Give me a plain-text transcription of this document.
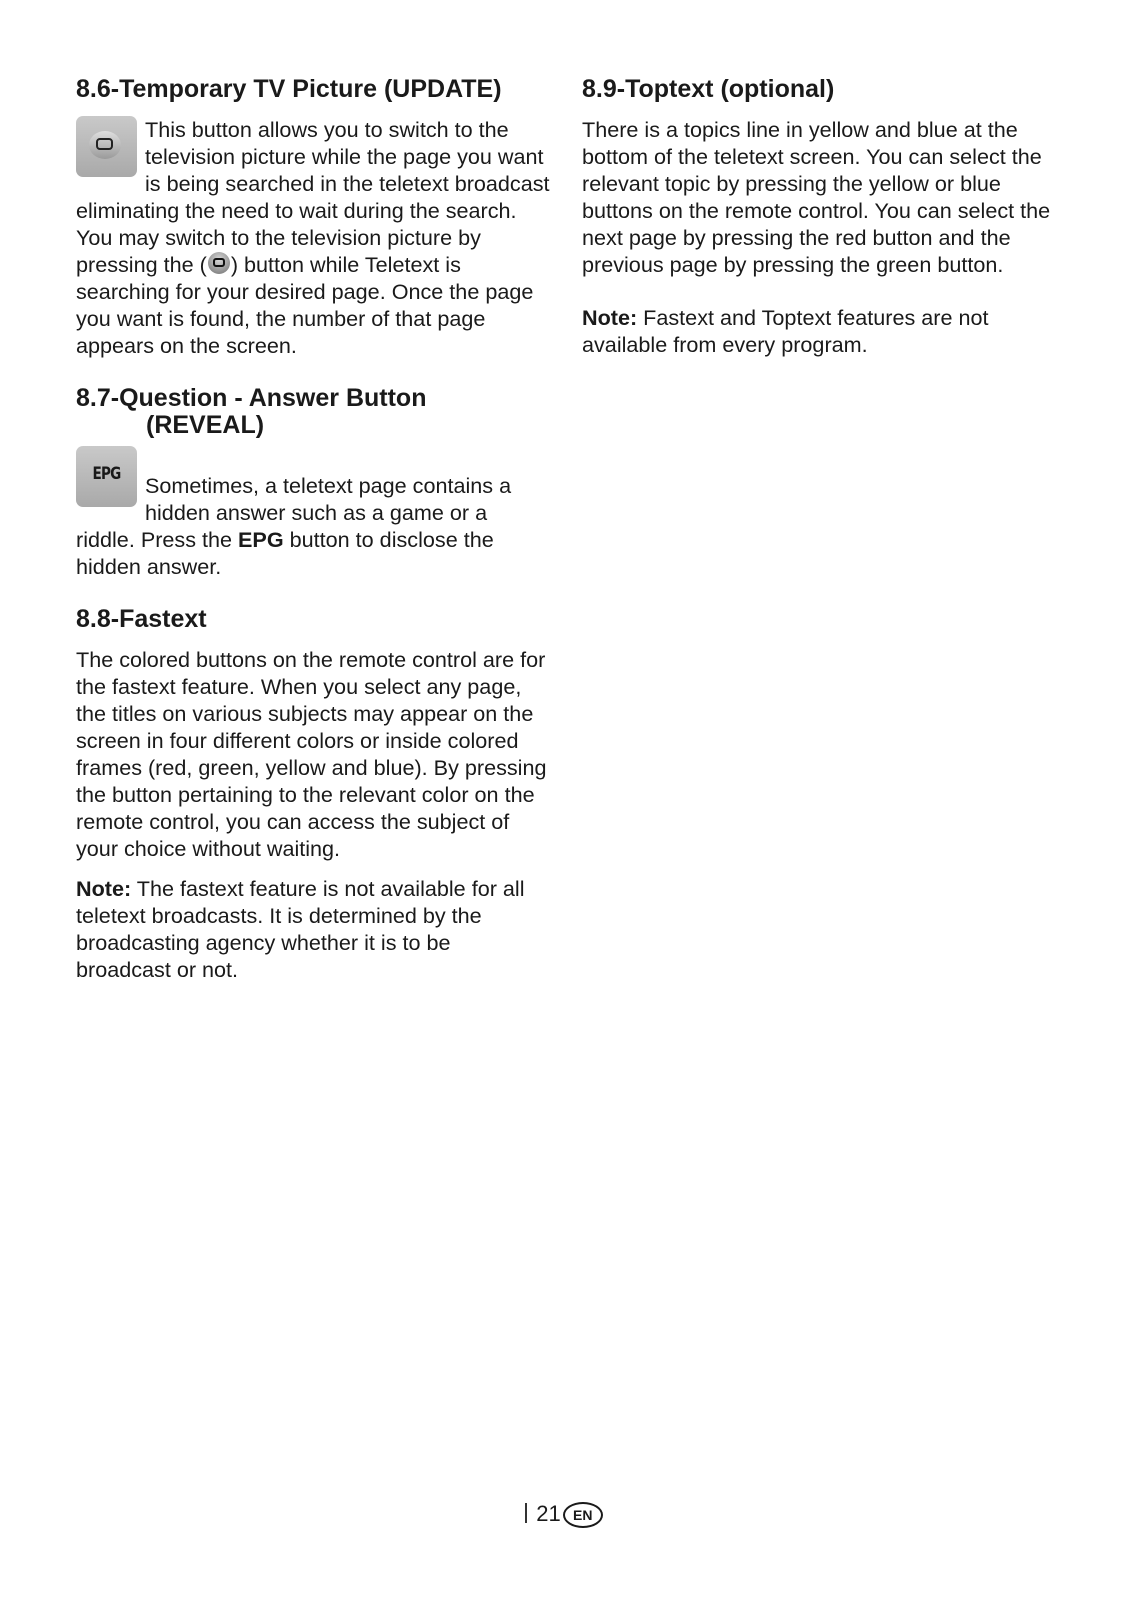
8.6-Temporary TV Picture (UPDATE)

This button allows you to switch to the television picture while the page you want is being searched in the teletext broadcast eliminating the need to wait during the search. You may switch to the television picture by pressing the ( ) button while Teletext is searching for your desired page. Once the page you want is found, the number of that page appears on the screen.

8.7-Question - Answer Button
(REVEAL)
EPG	Sometimes, a teletext page contains a hidden answer such as a game or a riddle. Press the EPG button to disclose the hidden answer.

8.8-Fastext

The colored buttons on the remote control are for the fastext feature. When you select any page, the titles on various subjects may appear on the screen in four different colors or inside colored frames (red, green, yellow and blue). By pressing the button pertaining to the relevant color on the remote control, you can access the subject of your choice without waiting.

Note: The fastext feature is not available for all teletext broadcasts. It is determined by the broadcasting agency whether it is to be broadcast or not.

8.9-Toptext (optional)

There is a topics line in yellow and blue at the bottom of the teletext screen. You can select the relevant topic by pressing the yellow or blue buttons on the remote control. You can select the next page by pressing the red button and the previous page by pressing the green button.

Note: Fastext and Toptext features are not available from every program.

21 EN
